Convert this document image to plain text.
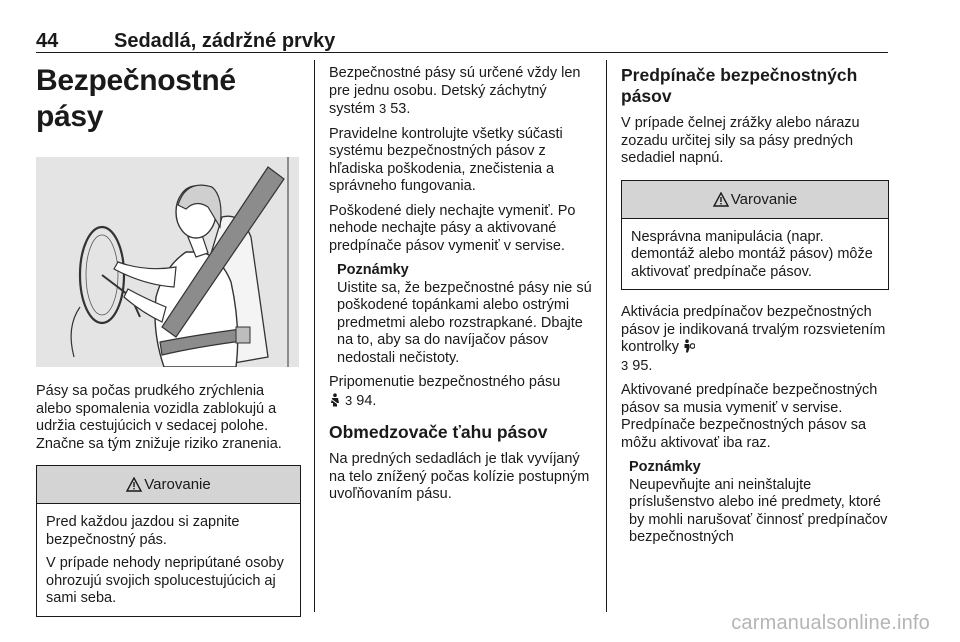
44	Sedadlá, zádržné prvky
Bezpečnostné pásy

Pásy sa počas prudkého zrýchlenia alebo spomalenia vozidla zablokujú a udržia cestujúcich v sedacej polohe. Značne sa tým znižuje riziko zranenia.

Varovanie

Pred každou jazdou si zapnite bezpečnostný pás.

V prípade nehody nepripútané osoby ohrozujú svojich spolucestujúcich aj sami seba.

Bezpečnostné pásy sú určené vždy len pre jednu osobu. Detský záchytný systém 3 53.

Pravidelne kontrolujte všetky súčasti systému bezpečnostných pásov z hľadiska poškodenia, znečistenia a správneho fungovania.

Poškodené diely nechajte vymeniť. Po nehode nechajte pásy a aktivované predpínače pásov vymeniť v servise.

Poznámky
Uistite sa, že bezpečnostné pásy nie sú poškodené topánkami alebo ostrými predmetmi alebo rozstrapkané. Dbajte na to, aby sa do navíjačov pásov nedostali nečistoty.

Pripomenutie bezpečnostného pásu
3 94.

Obmedzovače ťahu pásov

Na predných sedadlách je tlak vyvíjaný na telo znížený počas kolízie postupným uvoľňovaním pásu.

Predpínače bezpečnostných pásov

V prípade čelnej zrážky alebo nárazu zozadu určitej sily sa pásy predných sedadiel napnú.

Varovanie

Nesprávna manipulácia (napr. demontáž alebo montáž pásov) môže aktivovať predpínače pásov.

Aktivácia predpínačov bezpečnostných pásov je indikovaná trvalým rozsvietením kontrolky
3 95.

Aktivované predpínače bezpečnostných pásov sa musia vymeniť v servise. Predpínače bezpečnostných pásov sa môžu aktivovať iba raz.

Poznámky
Neupevňujte ani neinštalujte príslušenstvo alebo iné predmety, ktoré by mohli narušovať činnosť predpínačov bezpečnostných
carmanualsonline.info
